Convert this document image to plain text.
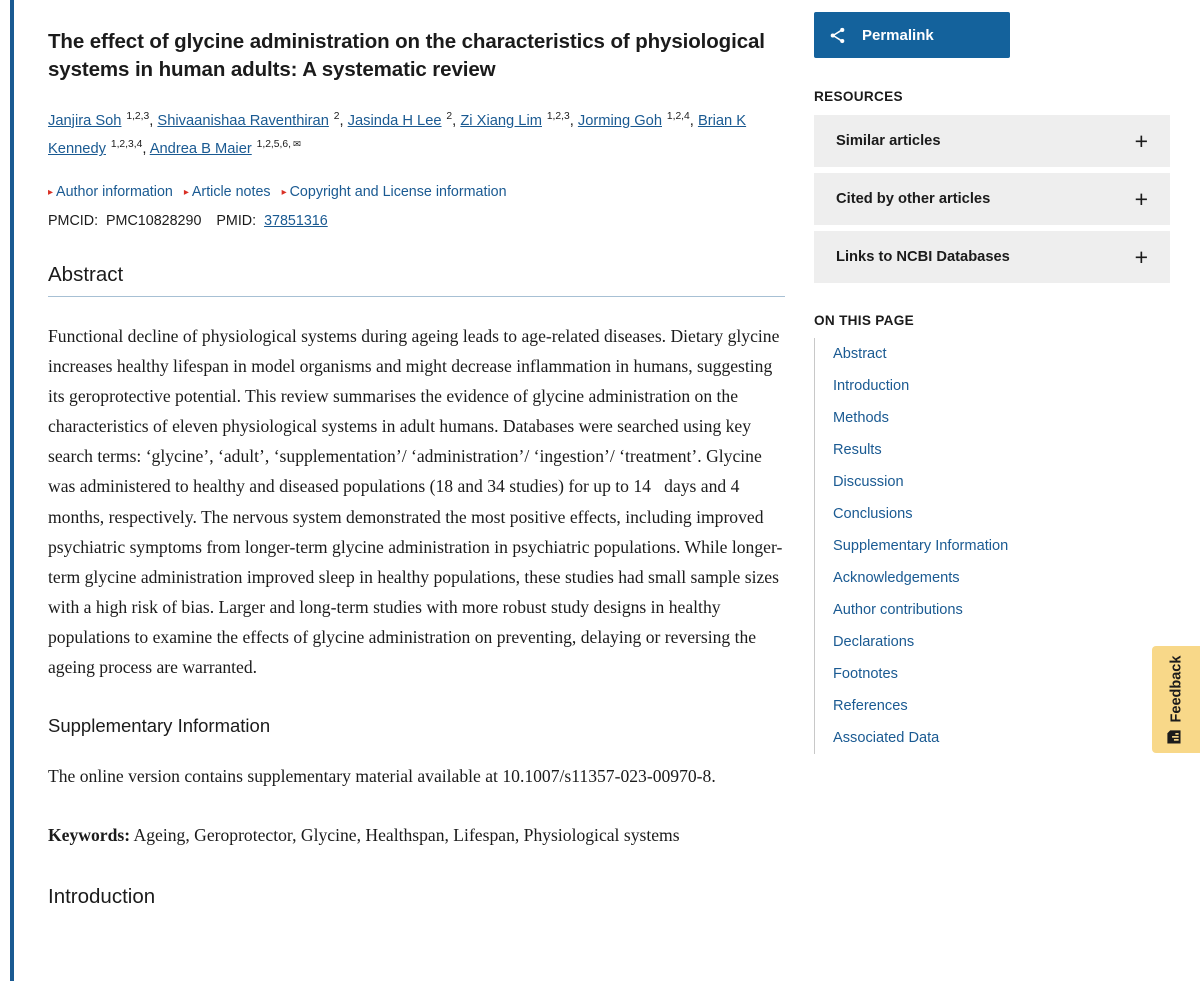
The effect of glycine administration on the characteristics of physiological systems in human adults: A systematic review
Janjira Soh $^{1,2,3}$, Shivaanishaa Raventhiran $^2$, Jasinda H Lee $^2$, Zi Xiang Lim $^{1,2,3}$, Jorming Goh $^{1,2,4}$, Brian K Kennedy $^{1,2,3,4}$, Andrea B Maier $^{1,2,5,6,}$ ✉
▸ Author information ▸ Article notes ▸ Copyright and License information
PMCID: PMC10828290 PMID: 37851316
Abstract

Functional decline of physiological systems during ageing leads to age-related diseases. Dietary glycine increases healthy lifespan in model organisms and might decrease inflammation in humans, suggesting its geroprotective potential. This review summarises the evidence of glycine administration on the characteristics of eleven physiological systems in adult humans. Databases were searched using key search terms: ‘glycine’, ‘adult’, ‘supplementation’/ ‘administration’/ ‘ingestion’/ ‘treatment’. Glycine was administered to healthy and diseased populations (18 and 34 studies) for up to 14  days and 4  months, respectively. The nervous system demonstrated the most positive effects, including improved psychiatric symptoms from longer-term glycine administration in psychiatric populations. While longer-term glycine administration improved sleep in healthy populations, these studies had small sample sizes with a high risk of bias. Larger and long-term studies with more robust study designs in healthy populations to examine the effects of glycine administration on preventing, delaying or reversing the ageing process are warranted.

Supplementary Information

The online version contains supplementary material available at 10.1007/s11357-023-00970-8.

Keywords: Ageing, Geroprotector, Glycine, Healthspan, Lifespan, Physiological systems

Introduction
Permalink
RESOURCES
Similar articles	+
Cited by other articles	+
Links to NCBI Databases	+
ON THIS PAGE
Abstract
Introduction
Methods
Results
Discussion
Conclusions
Supplementary Information
Acknowledgements
Author contributions
Declarations
Footnotes
References
Associated Data
Feedback
